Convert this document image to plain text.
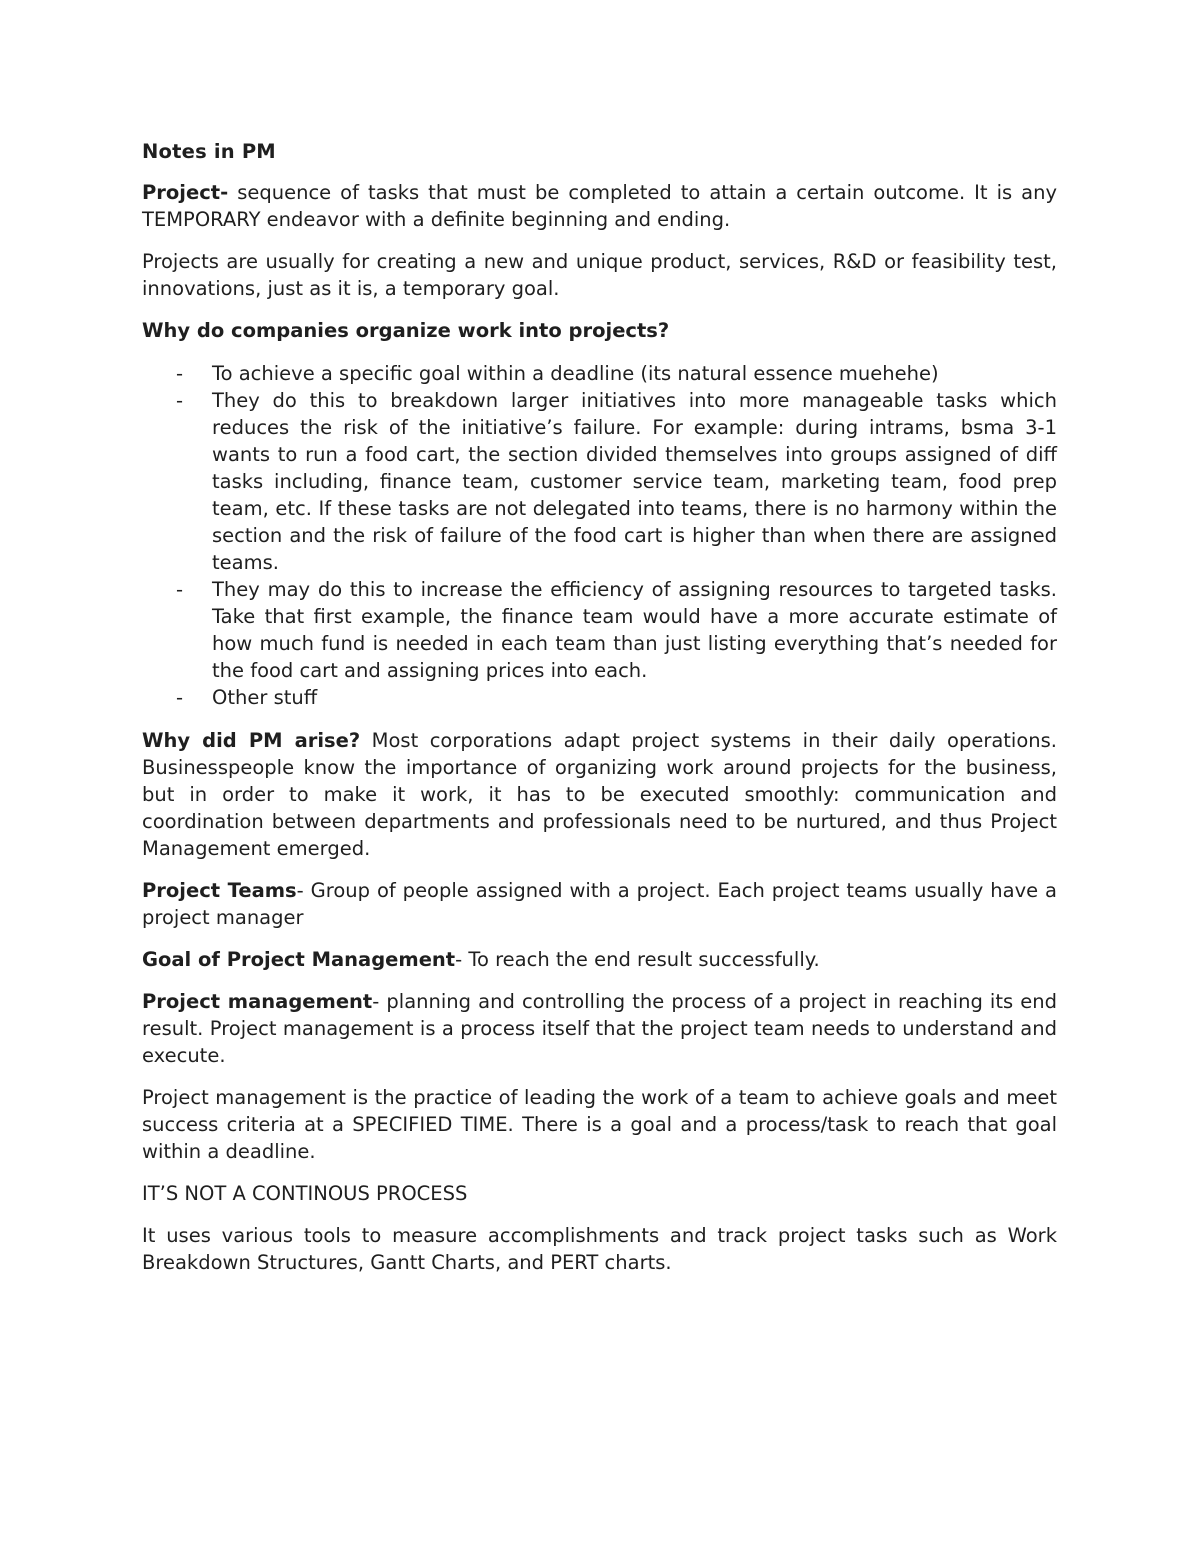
Notes in PM

Project- sequence of tasks that must be completed to attain a certain outcome. It is any TEMPORARY endeavor with a definite beginning and ending.

Projects are usually for creating a new and unique product, services, R&D or feasibility test, innovations, just as it is, a temporary goal.

Why do companies organize work into projects?
- To achieve a specific goal within a deadline (its natural essence muehehe)
- They do this to breakdown larger initiatives into more manageable tasks which reduces the risk of the initiative’s failure. For example: during intrams, bsma 3-1 wants to run a food cart, the section divided themselves into groups assigned of diff tasks including, finance team, customer service team, marketing team, food prep team, etc. If these tasks are not delegated into teams, there is no harmony within the section and the risk of failure of the food cart is higher than when there are assigned teams.
- They may do this to increase the efficiency of assigning resources to targeted tasks. Take that first example, the finance team would have a more accurate estimate of how much fund is needed in each team than just listing everything that’s needed for the food cart and assigning prices into each.
- Other stuff

Why did PM arise? Most corporations adapt project systems in their daily operations. Businesspeople know the importance of organizing work around projects for the business, but in order to make it work, it has to be executed smoothly: communication and coordination between departments and professionals need to be nurtured, and thus Project Management emerged.

Project Teams- Group of people assigned with a project. Each project teams usually have a project manager

Goal of Project Management- To reach the end result successfully.

Project management- planning and controlling the process of a project in reaching its end result. Project management is a process itself that the project team needs to understand and execute.

Project management is the practice of leading the work of a team to achieve goals and meet success criteria at a SPECIFIED TIME. There is a goal and a process/task to reach that goal within a deadline.

IT’S NOT A CONTINOUS PROCESS

It uses various tools to measure accomplishments and track project tasks such as Work Breakdown Structures, Gantt Charts, and PERT charts.
